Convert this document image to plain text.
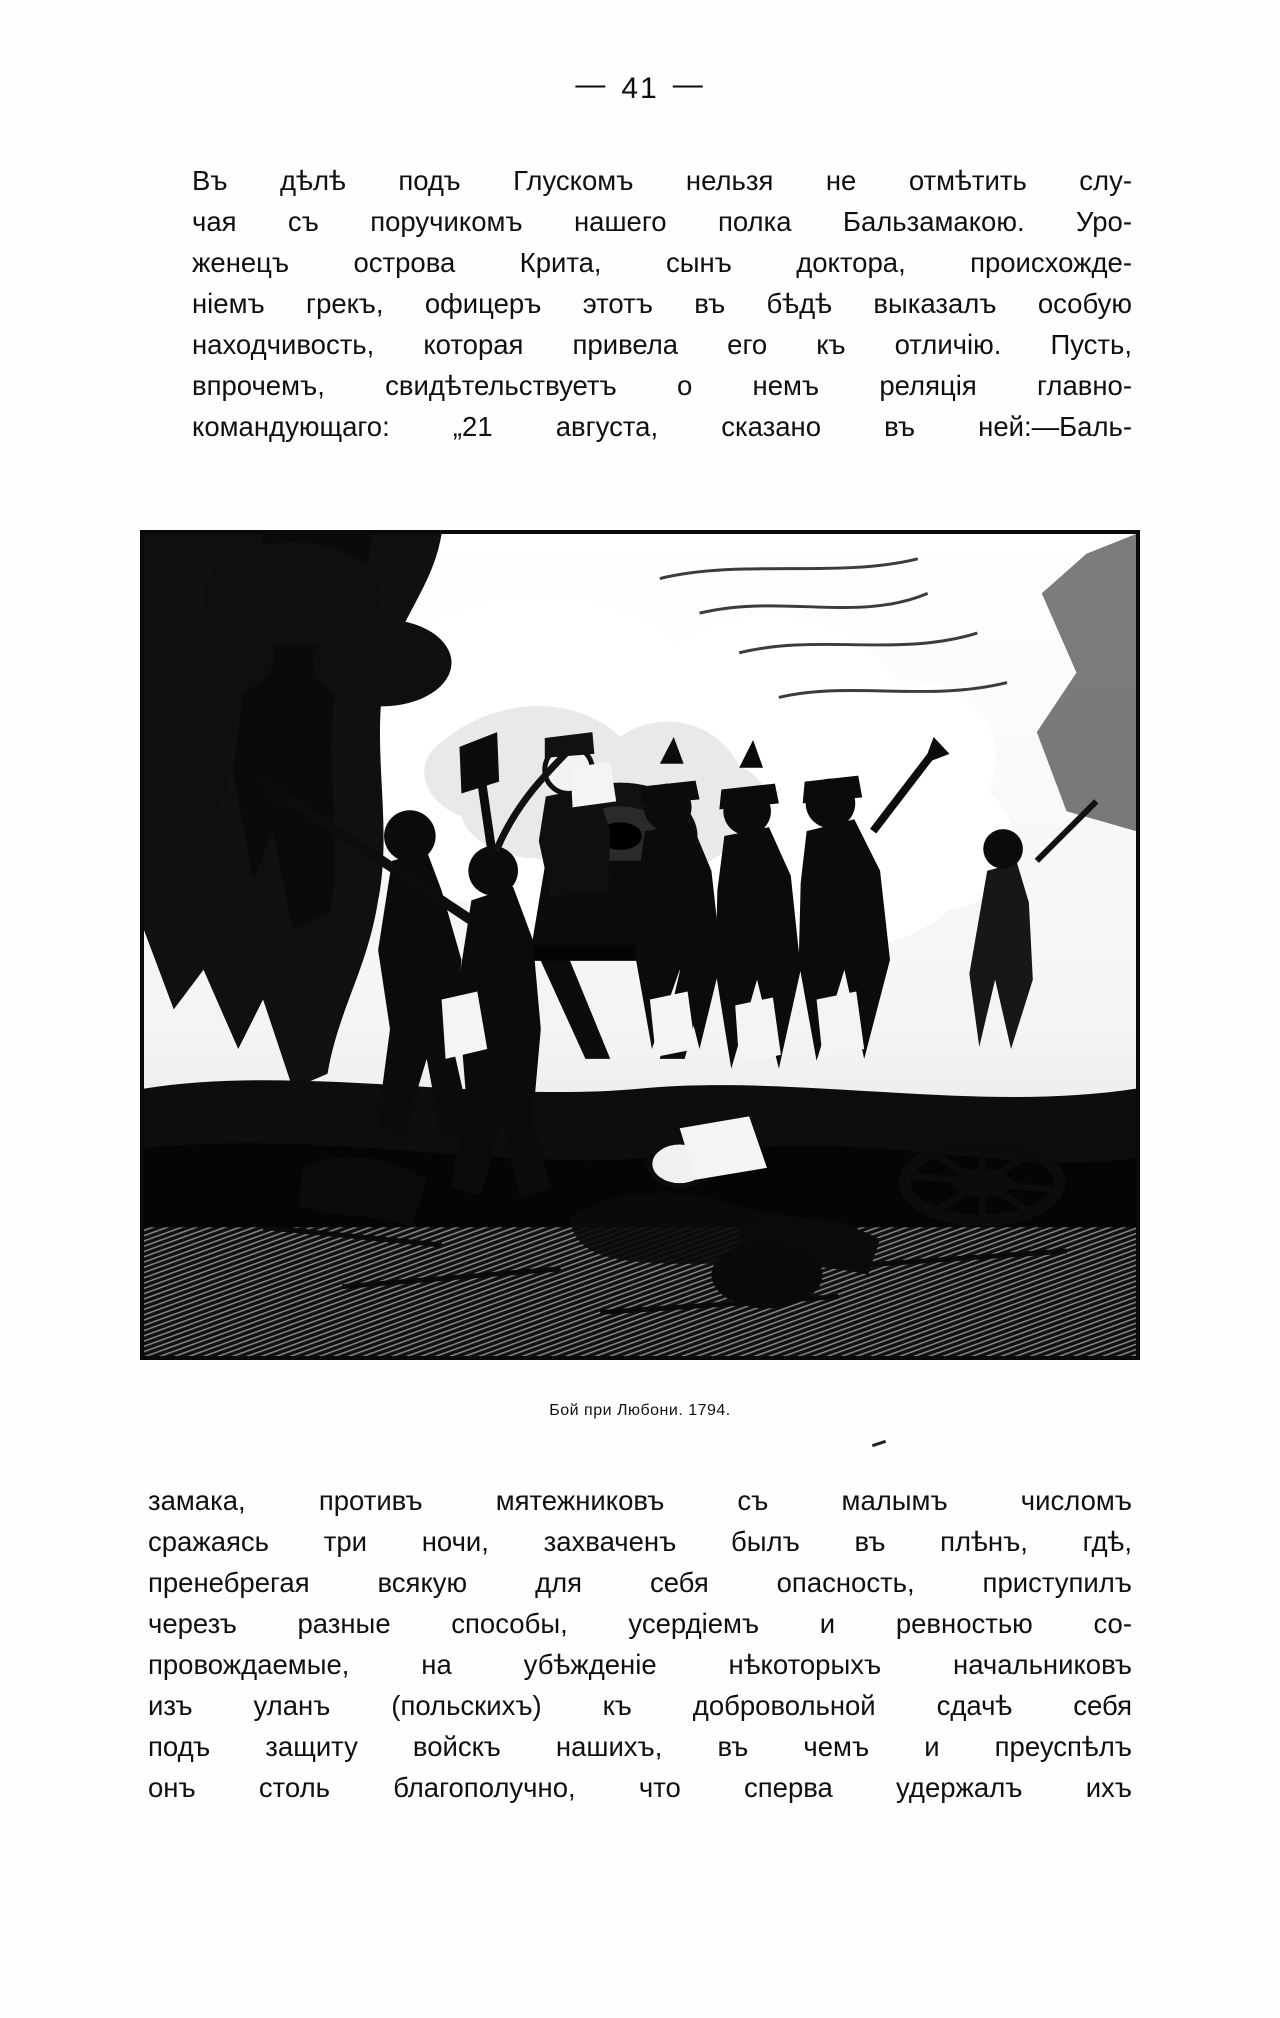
— 41 —

Въ дѣлѣ подъ Глускомъ нельзя не отмѣтить слу-
чая съ поручикомъ нашего полка Бальзамакою. Уро-
женецъ острова Крита, сынъ доктора, происхожде-
ніемъ грекъ, офицеръ этотъ въ бѣдѣ выказалъ особую
находчивость, которая привела его къ отличію. Пусть,
впрочемъ, свидѣтельствуетъ о немъ реляція главно-
командующаго: „21 августа, сказано въ ней:—Баль-

Бой при Любони. 1794.

замака, противъ мятежниковъ съ малымъ числомъ
сражаясь три ночи, захваченъ былъ въ плѣнъ, гдѣ,
пренебрегая всякую для себя опасность, приступилъ
черезъ разные способы, усердіемъ и ревностью со-
провождаемые, на убѣжденіе нѣкоторыхъ начальниковъ
изъ уланъ (польскихъ) къ добровольной сдачѣ себя
подъ защиту войскъ нашихъ, въ чемъ и преуспѣлъ
онъ столь благополучно, что сперва удержалъ ихъ
